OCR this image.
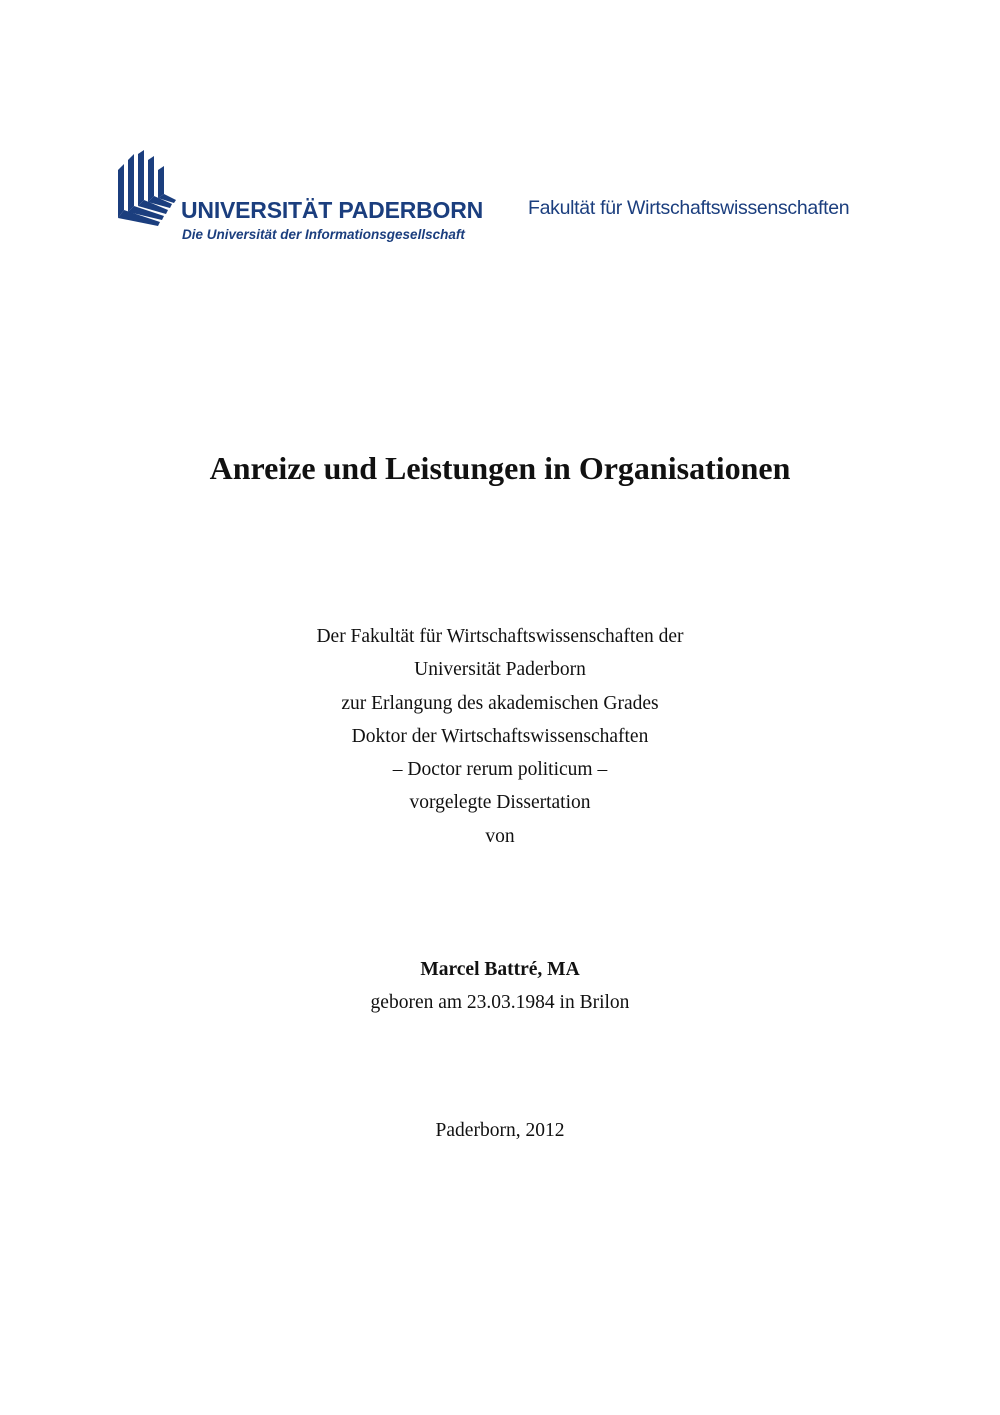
UNIVERSITÄT PADERBORN
Die Universität der Informationsgesellschaft
Fakultät für Wirtschaftswissenschaften
Anreize und Leistungen in Organisationen
Der Fakultät für Wirtschaftswissenschaften der
Universität Paderborn
zur Erlangung des akademischen Grades
Doktor der Wirtschaftswissenschaften
– Doctor rerum politicum –
vorgelegte Dissertation
von
Marcel Battré, MA
geboren am 23.03.1984 in Brilon
Paderborn, 2012
